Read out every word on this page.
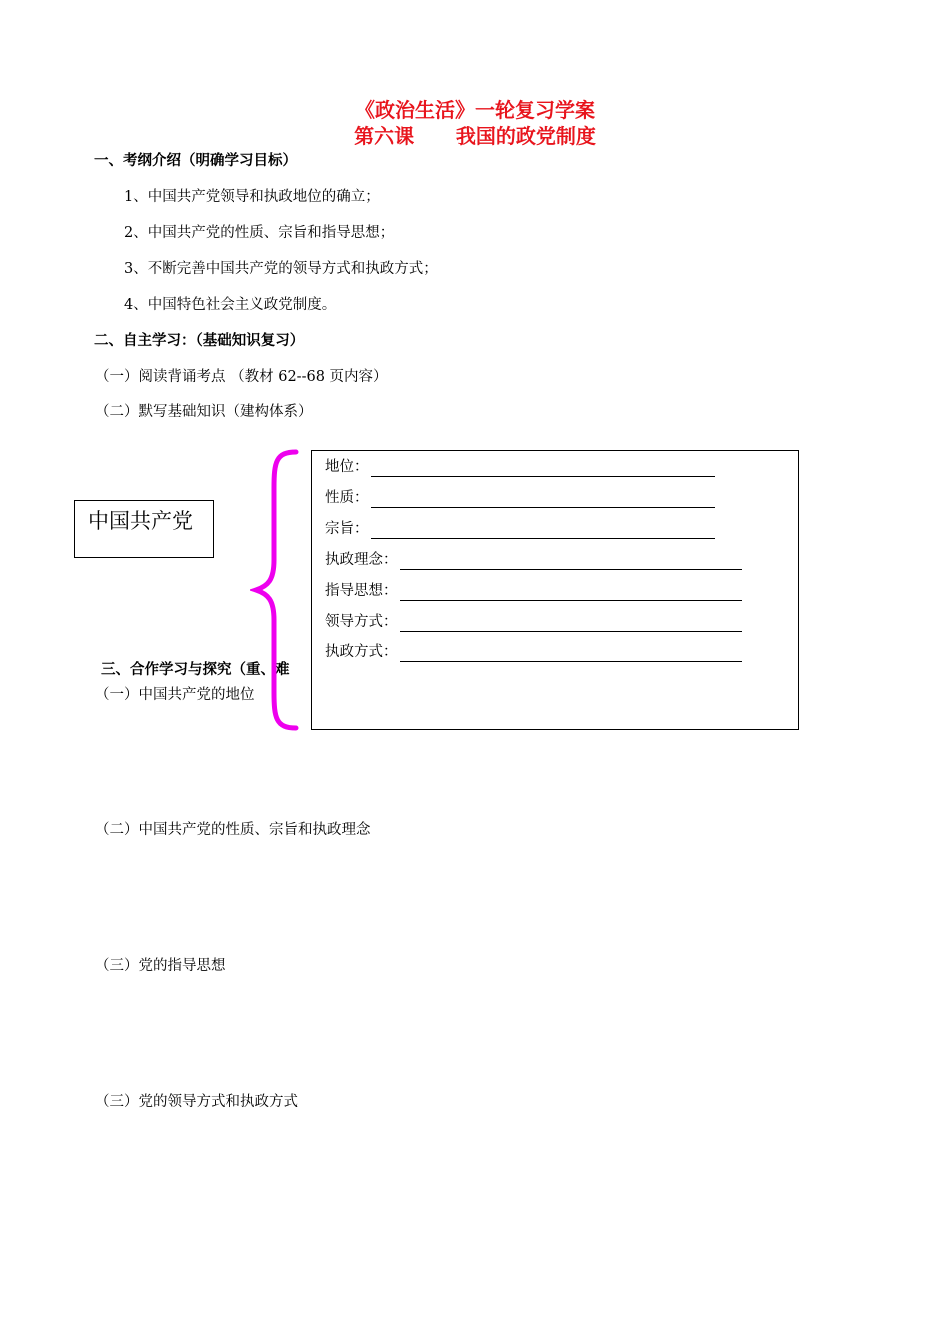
《政治生活》一轮复习学案
第六课      我国的政党制度
一、考纲介绍（明确学习目标）
1、中国共产党领导和执政地位的确立；
2、中国共产党的性质、宗旨和指导思想；
3、不断完善中国共产党的领导方式和执政方式；
4、中国特色社会主义政党制度。
二、自主学习：（基础知识复习）
（一）阅读背诵考点 （教材 62--68 页内容）
（二）默写基础知识（建构体系）
中国共产党
三、合作学习与探究（重、难
（一）中国共产党的地位
地位：
性质：
宗旨：
执政理念：
指导思想：
领导方式：
执政方式：
（二）中国共产党的性质、宗旨和执政理念
（三）党的指导思想
（三）党的领导方式和执政方式
